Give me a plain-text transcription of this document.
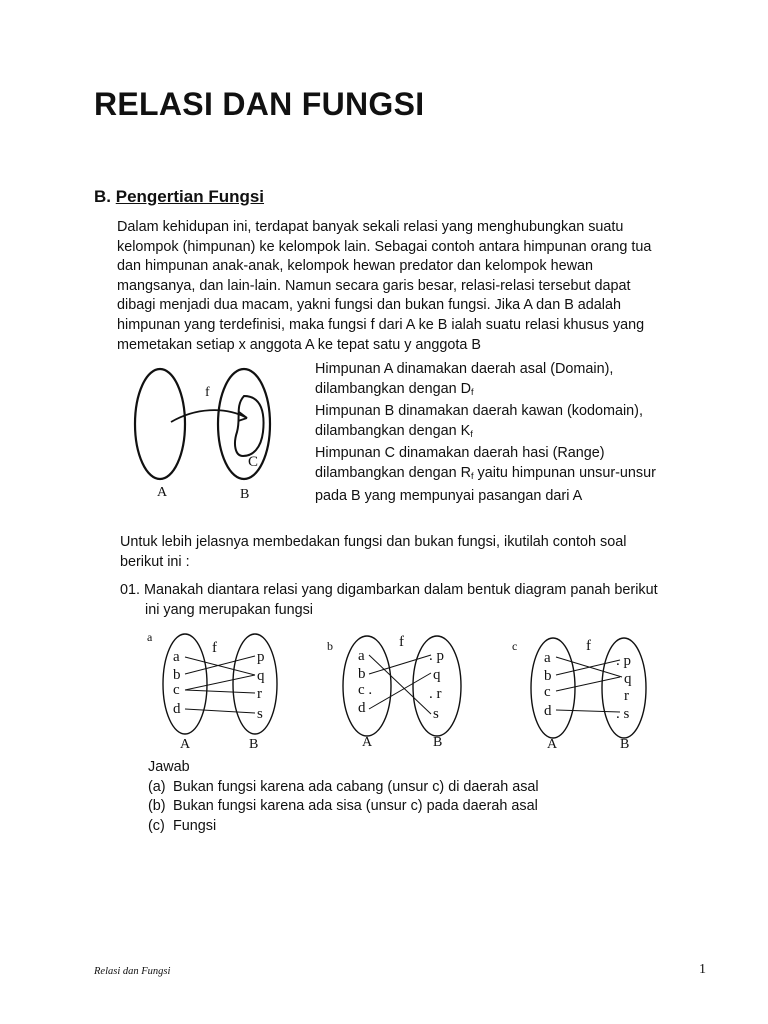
RELASI DAN FUNGSI
B. Pengertian Fungsi
Dalam kehidupan ini, terdapat banyak sekali relasi yang menghubungkan suatu
kelompok (himpunan) ke kelompok lain. Sebagai contoh antara himpunan orang tua
dan himpunan anak-anak, kelompok hewan predator dan kelompok hewan
mangsanya, dan lain-lain. Namun secara garis besar, relasi-relasi tersebut dapat
dibagi menjadi dua macam, yakni fungsi dan bukan fungsi. Jika A dan B adalah
himpunan yang terdefinisi, maka fungsi f dari A ke B ialah suatu relasi khusus yang
memetakan setiap x anggota A ke tepat satu y anggota B
f
C
A	B
Himpunan A dinamakan daerah asal (Domain),
dilambangkan dengan $D_f$
Himpunan B dinamakan daerah kawan (kodomain),
dilambangkan dengan $K_f$
Himpunan C dinamakan daerah hasi (Range)
dilambangkan dengan $R_f$ yaitu himpunan unsur-unsur
pada B yang mempunyai pasangan dari A
Untuk lebih jelasnya membedakan fungsi dan bukan fungsi, ikutilah contoh soal
berikut ini :
01. Manakah diantara relasi yang digambarkan dalam bentuk diagram panah berikut
ini yang merupakan fungsi
a
f
a
b
c
d
p
q
r
s
A	B
b	f
a
b
c .
d
. p
q
. r
s
A	B
c	f
a
b
c
d
. p
q
r
. s
A	B
Jawab
(a) Bukan fungsi karena ada cabang (unsur c) di daerah asal
(b) Bukan fungsi karena ada sisa (unsur c) pada daerah asal
(c) Fungsi
Relasi dan Fungsi	1
